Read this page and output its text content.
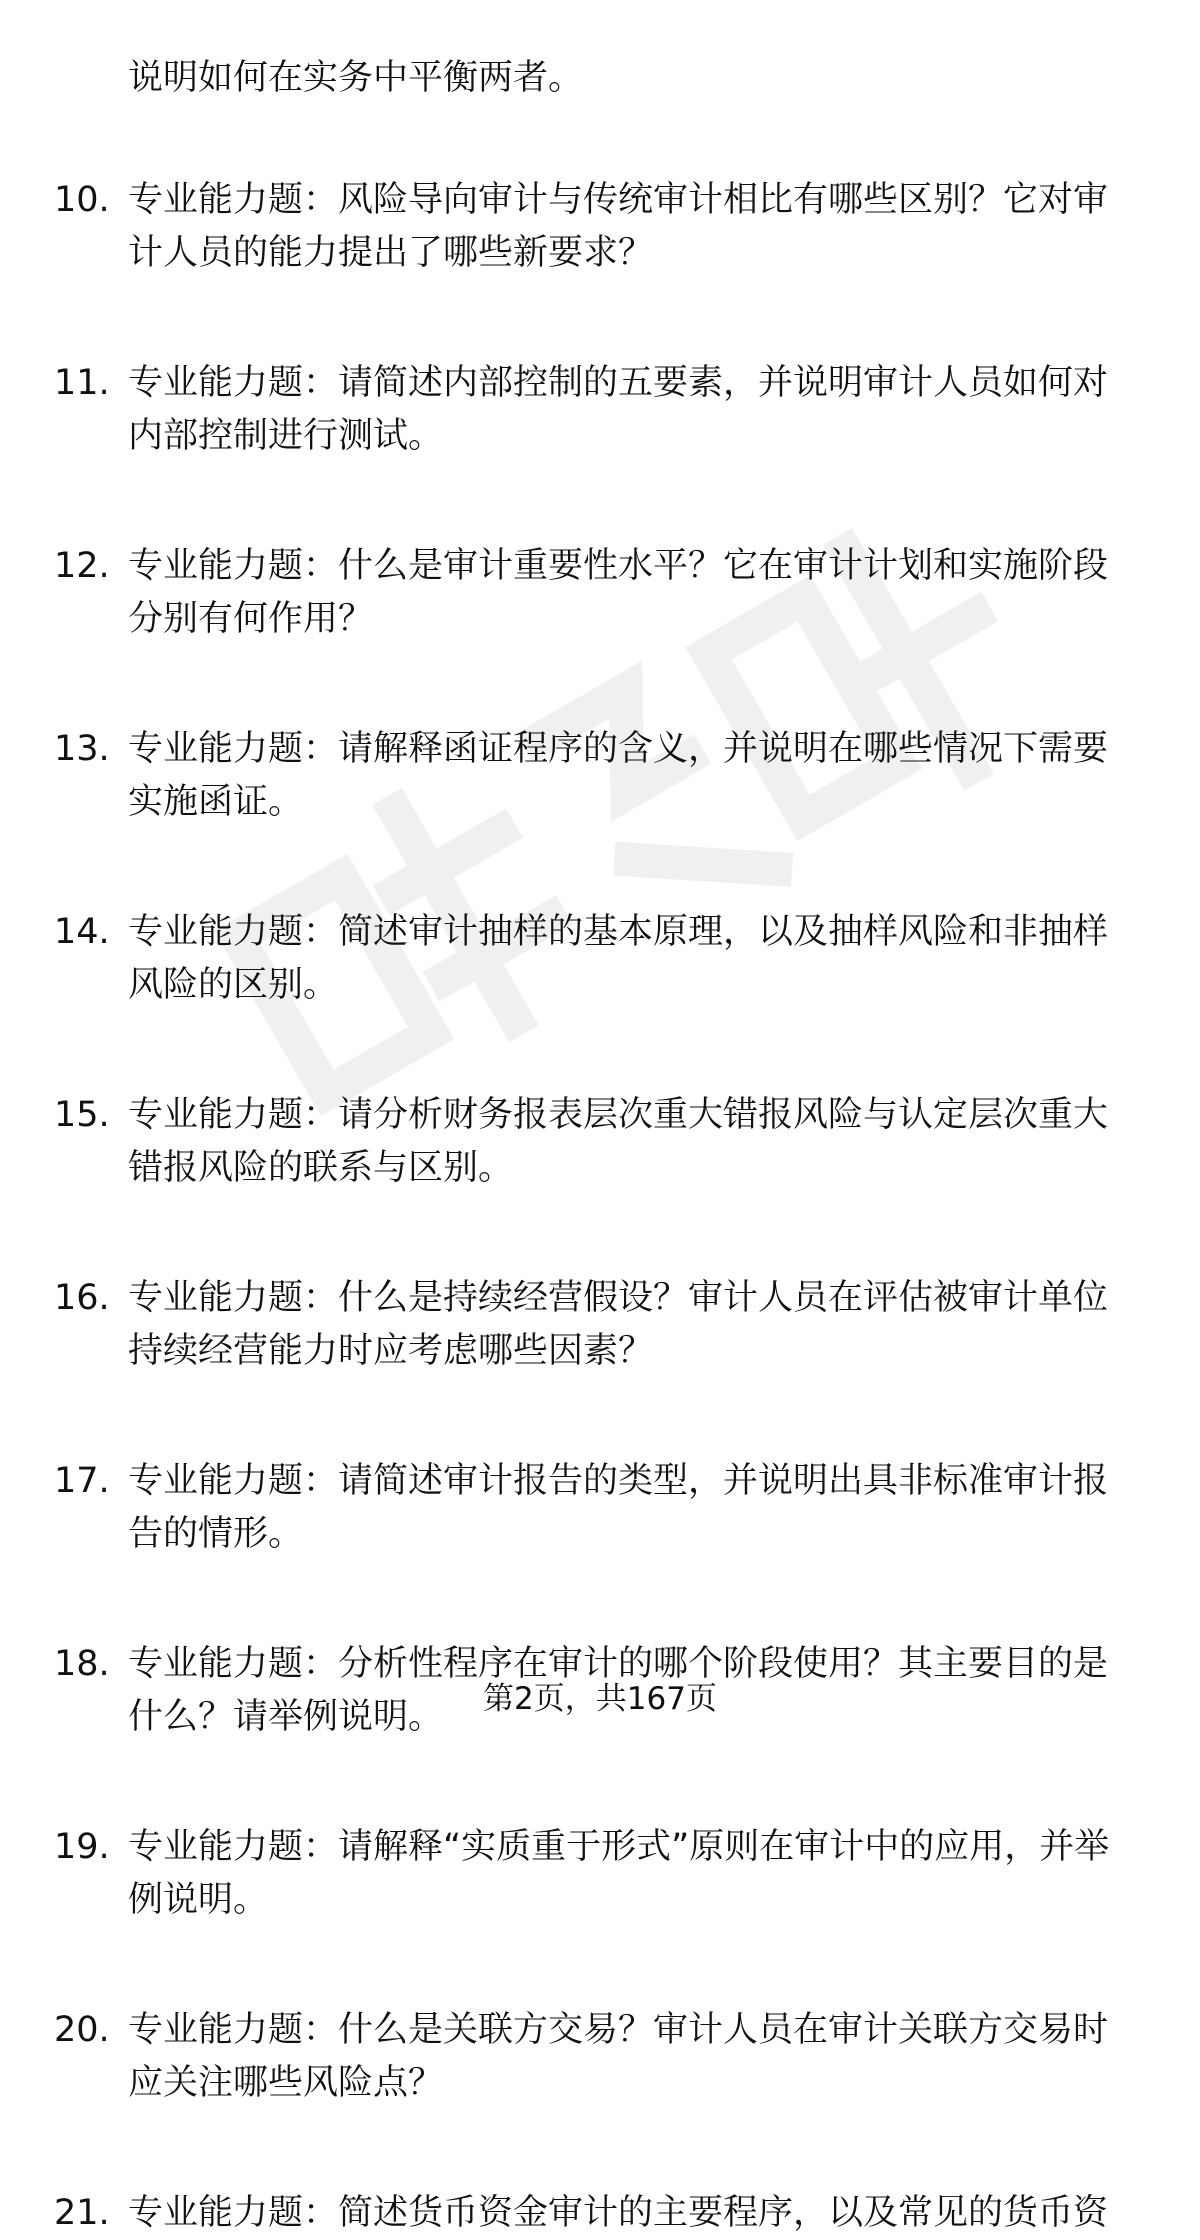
说明如何在实务中平衡两者。
10. 专业能力题：风险导向审计与传统审计相比有哪些区别？它对审计人员的能力提出了哪些新要求？
11. 专业能力题：请简述内部控制的五要素，并说明审计人员如何对内部控制进行测试。
12. 专业能力题：什么是审计重要性水平？它在审计计划和实施阶段分别有何作用？
13. 专业能力题：请解释函证程序的含义，并说明在哪些情况下需要实施函证。
14. 专业能力题：简述审计抽样的基本原理，以及抽样风险和非抽样风险的区别。
15. 专业能力题：请分析财务报表层次重大错报风险与认定层次重大错报风险的联系与区别。
16. 专业能力题：什么是持续经营假设？审计人员在评估被审计单位持续经营能力时应考虑哪些因素？
17. 专业能力题：请简述审计报告的类型，并说明出具非标准审计报告的情形。
18. 专业能力题：分析性程序在审计的哪个阶段使用？其主要目的是什么？请举例说明。
19. 专业能力题：请解释“实质重于形式”原则在审计中的应用，并举例说明。
20. 专业能力题：什么是关联方交易？审计人员在审计关联方交易时应关注哪些风险点？
21. 专业能力题：简述货币资金审计的主要程序，以及常见的货币资
第2页，共167页
